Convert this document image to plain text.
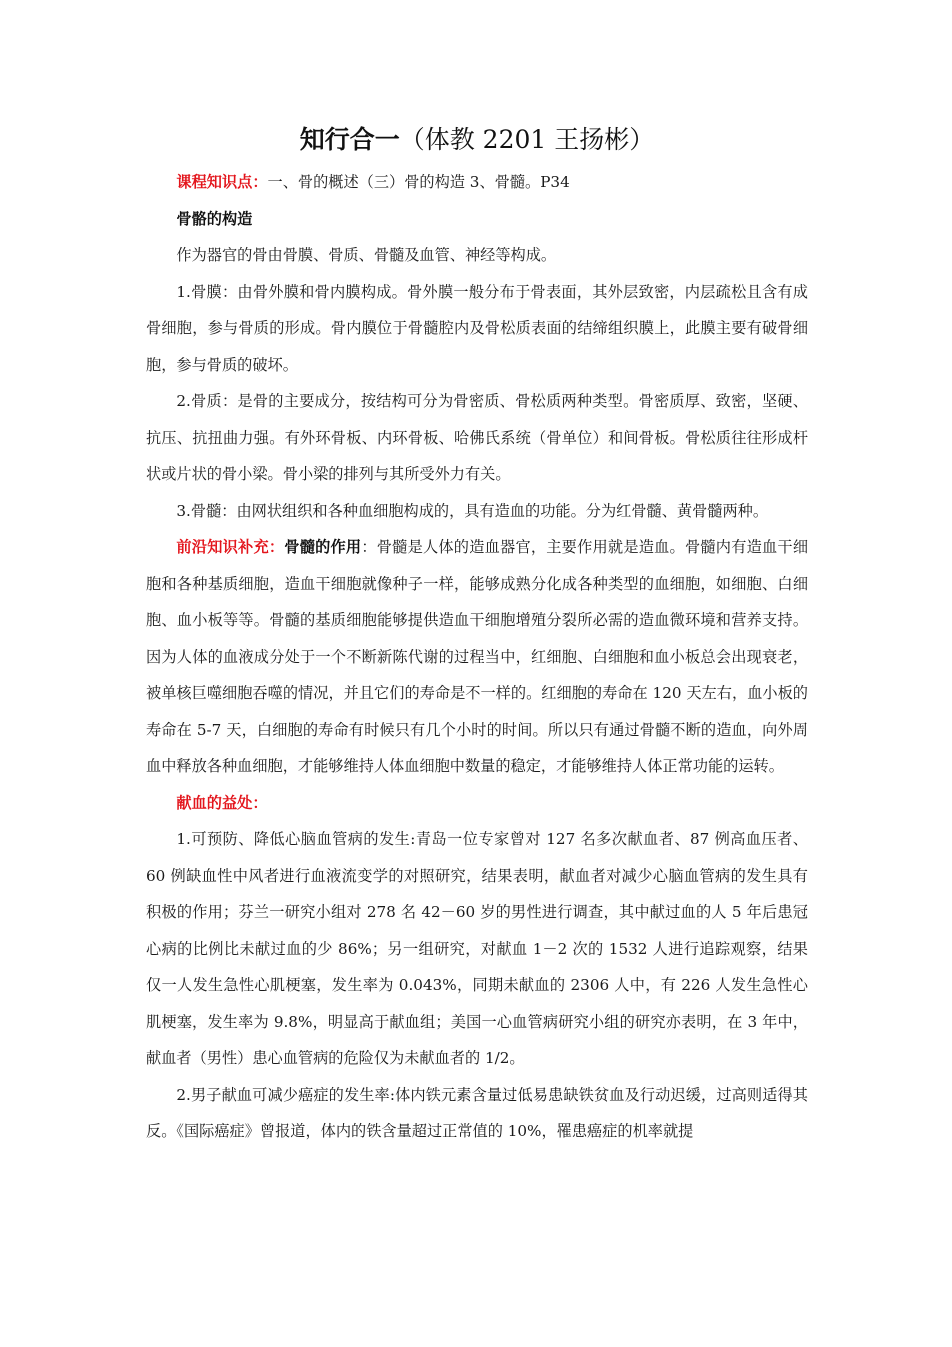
知行合一（体教 2201 王扬彬）

课程知识点：一、骨的概述（三）骨的构造 3、骨髓。P34

骨骼的构造

作为器官的骨由骨膜、骨质、骨髓及血管、神经等构成。

1.骨膜：由骨外膜和骨内膜构成。骨外膜一般分布于骨表面，其外层致密，内层疏松且含有成骨细胞，参与骨质的形成。骨内膜位于骨髓腔内及骨松质表面的结缔组织膜上，此膜主要有破骨细胞，参与骨质的破坏。

2.骨质：是骨的主要成分，按结构可分为骨密质、骨松质两种类型。骨密质厚、致密，坚硬、抗压、抗扭曲力强。有外环骨板、内环骨板、哈佛氏系统（骨单位）和间骨板。骨松质往往形成杆状或片状的骨小梁。骨小梁的排列与其所受外力有关。

3.骨髓：由网状组织和各种血细胞构成的，具有造血的功能。分为红骨髓、黄骨髓两种。

前沿知识补充：骨髓的作用：骨髓是人体的造血器官，主要作用就是造血。骨髓内有造血干细胞和各种基质细胞，造血干细胞就像种子一样，能够成熟分化成各种类型的血细胞，如细胞、白细胞、血小板等等。骨髓的基质细胞能够提供造血干细胞增殖分裂所必需的造血微环境和营养支持。因为人体的血液成分处于一个不断新陈代谢的过程当中，红细胞、白细胞和血小板总会出现衰老，被单核巨噬细胞吞噬的情况，并且它们的寿命是不一样的。红细胞的寿命在 120 天左右，血小板的寿命在 5-7 天，白细胞的寿命有时候只有几个小时的时间。所以只有通过骨髓不断的造血，向外周血中释放各种血细胞，才能够维持人体血细胞中数量的稳定，才能够维持人体正常功能的运转。

献血的益处：

1.可预防、降低心脑血管病的发生:青岛一位专家曾对 127 名多次献血者、87 例高血压者、60 例缺血性中风者进行血液流变学的对照研究，结果表明，献血者对减少心脑血管病的发生具有积极的作用；芬兰一研究小组对 278 名 42－60 岁的男性进行调查，其中献过血的人 5 年后患冠心病的比例比未献过血的少 86%；另一组研究，对献血 1－2 次的 1532 人进行追踪观察，结果仅一人发生急性心肌梗塞，发生率为 0.043%，同期未献血的 2306 人中，有 226 人发生急性心肌梗塞，发生率为 9.8%，明显高于献血组；美国一心血管病研究小组的研究亦表明，在 3 年中，献血者（男性）患心血管病的危险仅为未献血者的 1/2。

2.男子献血可减少癌症的发生率:体内铁元素含量过低易患缺铁贫血及行动迟缓，过高则适得其反。《国际癌症》曾报道，体内的铁含量超过正常值的 10%，罹患癌症的机率就提
